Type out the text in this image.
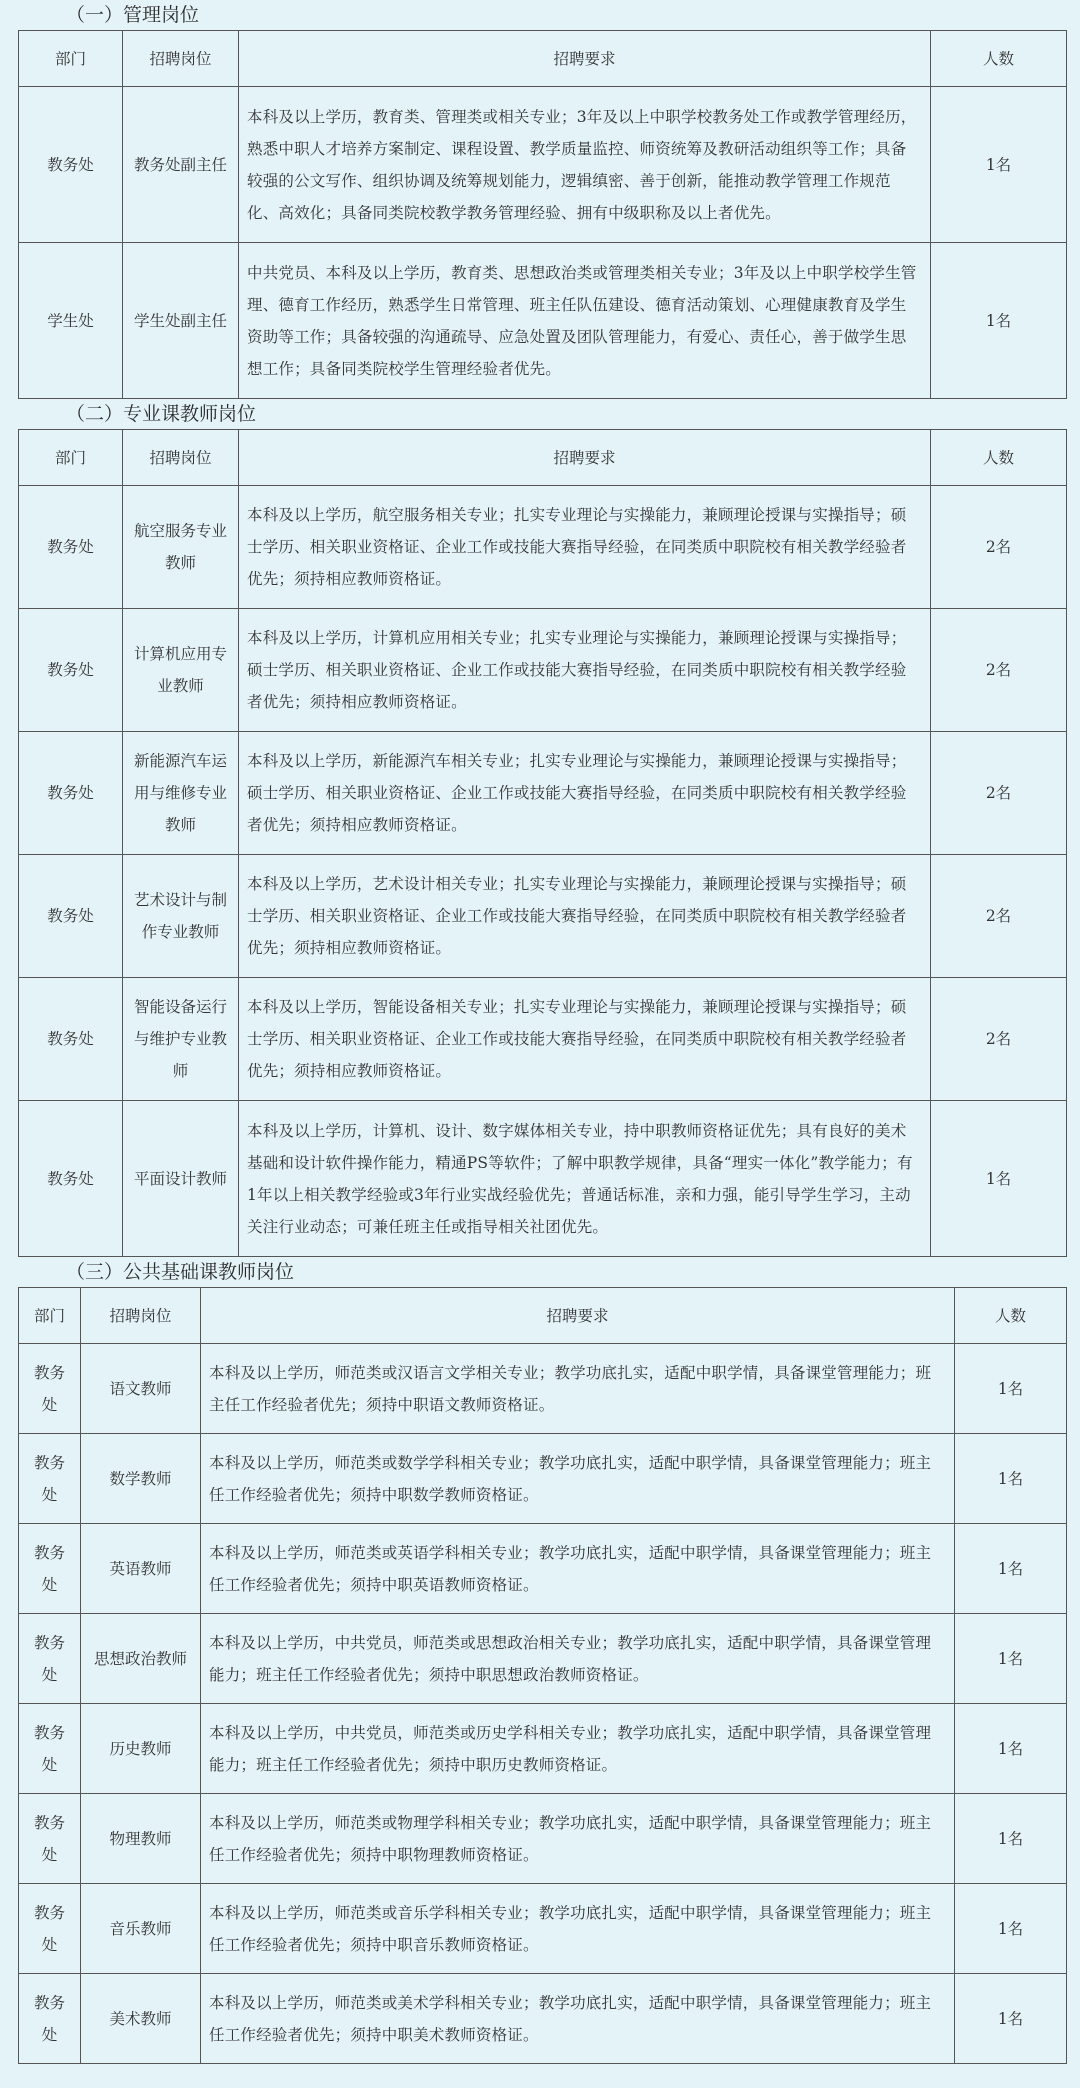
（一）管理岗位
部门	招聘岗位	招聘要求	人数
教务处	教务处副主任	本科及以上学历，教育类、管理类或相关专业；3年及以上中职学校教务处工作或教学管理经历，熟悉中职人才培养方案制定、课程设置、教学质量监控、师资统筹及教研活动组织等工作；具备较强的公文写作、组织协调及统筹规划能力，逻辑缜密、善于创新，能推动教学管理工作规范化、高效化；具备同类院校教学教务管理经验、拥有中级职称及以上者优先。	1名
学生处	学生处副主任	中共党员、本科及以上学历，教育类、思想政治类或管理类相关专业；3年及以上中职学校学生管理、德育工作经历，熟悉学生日常管理、班主任队伍建设、德育活动策划、心理健康教育及学生资助等工作；具备较强的沟通疏导、应急处置及团队管理能力，有爱心、责任心，善于做学生思想工作；具备同类院校学生管理经验者优先。	1名
（二）专业课教师岗位
部门	招聘岗位	招聘要求	人数
教务处	航空服务专业教师	本科及以上学历，航空服务相关专业；扎实专业理论与实操能力，兼顾理论授课与实操指导；硕士学历、相关职业资格证、企业工作或技能大赛指导经验，在同类质中职院校有相关教学经验者优先；须持相应教师资格证。	2名
教务处	计算机应用专业教师	本科及以上学历，计算机应用相关专业；扎实专业理论与实操能力，兼顾理论授课与实操指导；硕士学历、相关职业资格证、企业工作或技能大赛指导经验，在同类质中职院校有相关教学经验者优先；须持相应教师资格证。	2名
教务处	新能源汽车运用与维修专业教师	本科及以上学历，新能源汽车相关专业；扎实专业理论与实操能力，兼顾理论授课与实操指导；硕士学历、相关职业资格证、企业工作或技能大赛指导经验，在同类质中职院校有相关教学经验者优先；须持相应教师资格证。	2名
教务处	艺术设计与制作专业教师	本科及以上学历，艺术设计相关专业；扎实专业理论与实操能力，兼顾理论授课与实操指导；硕士学历、相关职业资格证、企业工作或技能大赛指导经验，在同类质中职院校有相关教学经验者优先；须持相应教师资格证。	2名
教务处	智能设备运行与维护专业教师	本科及以上学历，智能设备相关专业；扎实专业理论与实操能力，兼顾理论授课与实操指导；硕士学历、相关职业资格证、企业工作或技能大赛指导经验，在同类质中职院校有相关教学经验者优先；须持相应教师资格证。	2名
教务处	平面设计教师	本科及以上学历，计算机、设计、数字媒体相关专业，持中职教师资格证优先；具有良好的美术基础和设计软件操作能力，精通PS等软件；了解中职教学规律，具备“理实一体化”教学能力；有1年以上相关教学经验或3年行业实战经验优先；普通话标准，亲和力强，能引导学生学习，主动关注行业动态；可兼任班主任或指导相关社团优先。	1名
（三）公共基础课教师岗位
部门	招聘岗位	招聘要求	人数
教务处	语文教师	本科及以上学历，师范类或汉语言文学相关专业；教学功底扎实，适配中职学情，具备课堂管理能力；班主任工作经验者优先；须持中职语文教师资格证。	1名
教务处	数学教师	本科及以上学历，师范类或数学学科相关专业；教学功底扎实，适配中职学情，具备课堂管理能力；班主任工作经验者优先；须持中职数学教师资格证。	1名
教务处	英语教师	本科及以上学历，师范类或英语学科相关专业；教学功底扎实，适配中职学情，具备课堂管理能力；班主任工作经验者优先；须持中职英语教师资格证。	1名
教务处	思想政治教师	本科及以上学历，中共党员，师范类或思想政治相关专业；教学功底扎实，适配中职学情，具备课堂管理能力；班主任工作经验者优先；须持中职思想政治教师资格证。	1名
教务处	历史教师	本科及以上学历，中共党员，师范类或历史学科相关专业；教学功底扎实，适配中职学情，具备课堂管理能力；班主任工作经验者优先；须持中职历史教师资格证。	1名
教务处	物理教师	本科及以上学历，师范类或物理学科相关专业；教学功底扎实，适配中职学情，具备课堂管理能力；班主任工作经验者优先；须持中职物理教师资格证。	1名
教务处	音乐教师	本科及以上学历，师范类或音乐学科相关专业；教学功底扎实，适配中职学情，具备课堂管理能力；班主任工作经验者优先；须持中职音乐教师资格证。	1名
教务处	美术教师	本科及以上学历，师范类或美术学科相关专业；教学功底扎实，适配中职学情，具备课堂管理能力；班主任工作经验者优先；须持中职美术教师资格证。	1名
